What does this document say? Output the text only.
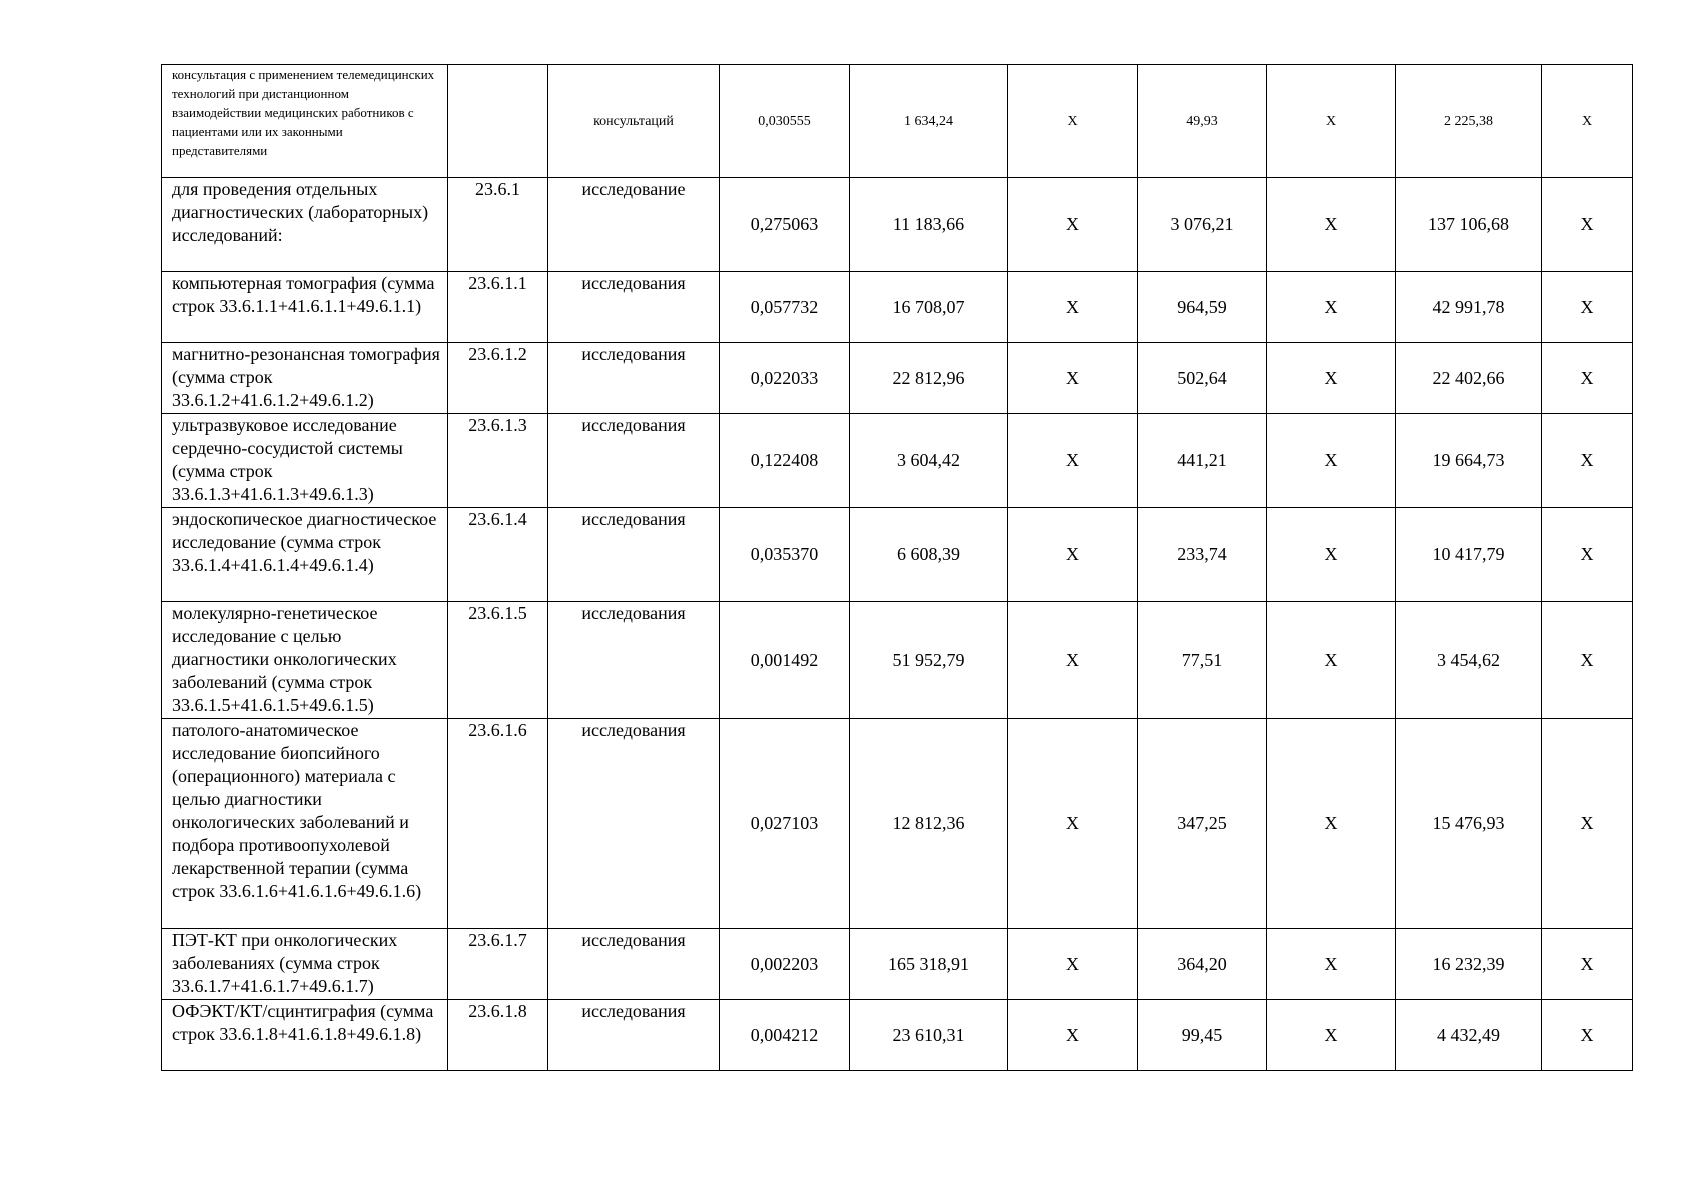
консультация с применением телемедицинских технологий при дистанционном взаимодействии медицинских работников с пациентами или их законными представителями		консультаций	0,030555	1 634,24	Х	49,93	Х	2 225,38	Х
для проведения отдельных диагностических (лабораторных) исследований:	23.6.1	исследование	0,275063	11 183,66	Х	3 076,21	Х	137 106,68	Х
компьютерная томография (сумма строк 33.6.1.1+41.6.1.1+49.6.1.1)	23.6.1.1	исследования	0,057732	16 708,07	Х	964,59	Х	42 991,78	Х
магнитно-резонансная томография (сумма строк 33.6.1.2+41.6.1.2+49.6.1.2)	23.6.1.2	исследования	0,022033	22 812,96	Х	502,64	Х	22 402,66	Х
ультразвуковое исследование сердечно-сосудистой системы (сумма строк 33.6.1.3+41.6.1.3+49.6.1.3)	23.6.1.3	исследования	0,122408	3 604,42	Х	441,21	Х	19 664,73	Х
эндоскопическое диагностическое исследование (сумма строк 33.6.1.4+41.6.1.4+49.6.1.4)	23.6.1.4	исследования	0,035370	6 608,39	Х	233,74	Х	10 417,79	Х
молекулярно-генетическое исследование с целью диагностики онкологических заболеваний (сумма строк 33.6.1.5+41.6.1.5+49.6.1.5)	23.6.1.5	исследования	0,001492	51 952,79	Х	77,51	Х	3 454,62	Х
патолого-анатомическое исследование биопсийного (операционного) материала с целью диагностики онкологических заболеваний и подбора противоопухолевой лекарственной терапии (сумма строк 33.6.1.6+41.6.1.6+49.6.1.6)	23.6.1.6	исследования	0,027103	12 812,36	Х	347,25	Х	15 476,93	Х
ПЭТ-КТ при онкологических заболеваниях (сумма строк 33.6.1.7+41.6.1.7+49.6.1.7)	23.6.1.7	исследования	0,002203	165 318,91	Х	364,20	Х	16 232,39	Х
ОФЭКТ/КТ/сцинтиграфия (сумма строк 33.6.1.8+41.6.1.8+49.6.1.8)	23.6.1.8	исследования	0,004212	23 610,31	Х	99,45	Х	4 432,49	Х
